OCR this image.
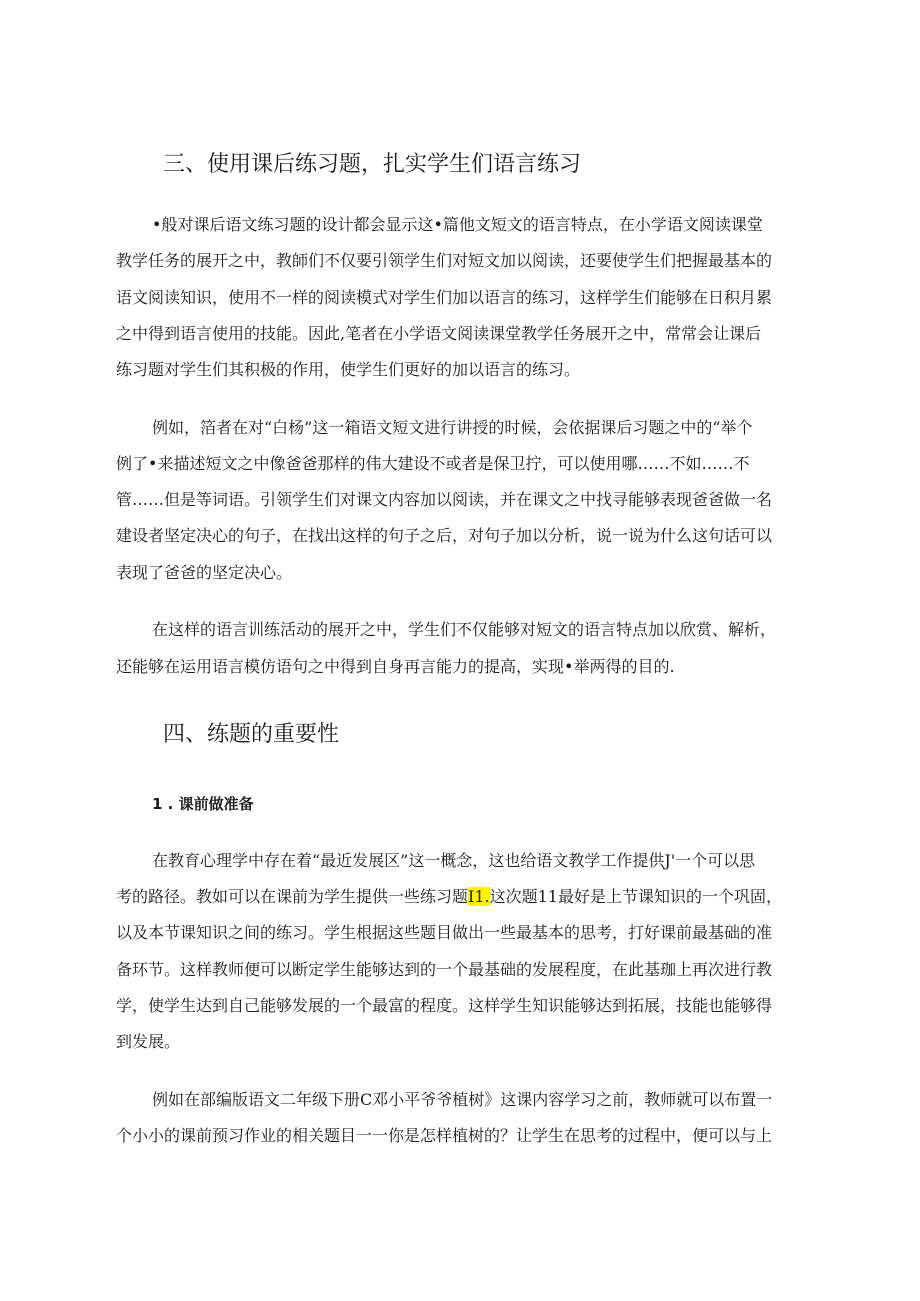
三、使用课后练习题，扎实学生们语言练习

•般对课后语文练习题的设计都会显示这•篇他文短文的语言特点，在小学语文阅读课堂

教学任务的展开之中，教師们不仅要引领学生们对短文加以阅读，还要使学生们把握最基本的

语文阅读知识，使用不一样的阅读模式对学生们加以语言的练习，这样学生们能够在日积月累

之中得到语言使用的技能。因此,笔者在小学语文阅读课堂教学任务展开之中，常常会让课后

练习题对学生们其积极的作用，使学生们更好的加以语言的练习。

例如，箔者在对“白杨”这一箱语文短文进行讲授的时候，会依据课后习题之中的“举个

例了•来描述短文之中像爸爸那样的伟大建设不或者是保卫拧，可以使用哪……不如……不

管……但是等词语。引领学生们对课文内容加以阅读，并在课文之中找寻能够表现爸爸做一名

建设者坚定决心的句子，在找出这样的句子之后，对句子加以分析，说一说为什么这句话可以

表现了爸爸的坚定决心。

在这样的语言训练活动的展开之中，学生们不仅能够对短文的语言特点加以欣赏、解析，

还能够在运用语言模仿语句之中得到自身再言能力的提高，实现•举两得的目的.

四、练题的重要性
1 . 课前做准备

在教育心理学中存在着“最近发展区”这一概念，这也给语文教学工作提供J'一个可以思

考的路径。教如可以在课前为学生提供一些练习题I1.这次题11最好是上节课知识的一个巩固，

以及本节课知识之间的练习。学生根据这些题目做出一些最基本的思考，打好课前最基础的准

备环节。这样教师便可以断定学生能够达到的一个最基础的发展程度，在此基珈上再次进行教

学，使学生达到自己能够发展的一个最富的程度。这样学生知识能够达到拓展，技能也能够得

到发展。

例如在部编版语文二年级下册C邓小平爷爷植树》这课内容学习之前，教师就可以布置一

个小小的课前预习作业的相关题目一一你是怎样植树的？让学生在思考的过程中，便可以与上
